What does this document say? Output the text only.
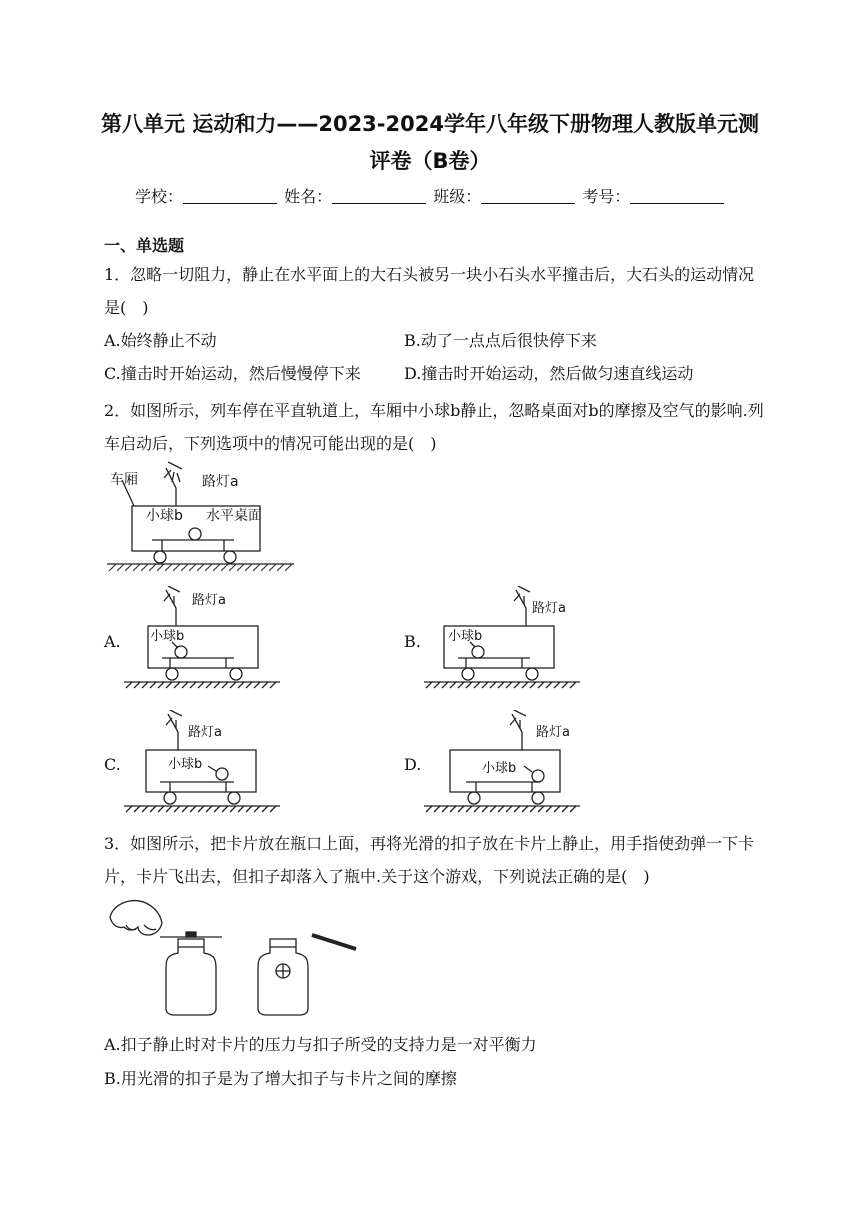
第八单元 运动和力——2023-2024学年八年级下册物理人教版单元测
评卷（B卷）
学校：	姓名：	班级：	考号：
一、单选题
1．忽略一切阻力，静止在水平面上的大石头被另一块小石头水平撞击后，大石头的运动情况是(　)
A.始终静止不动	B.动了一点点后很快停下来
C.撞击时开始运动，然后慢慢停下来	D.撞击时开始运动，然后做匀速直线运动
2．如图所示，列车停在平直轨道上，车厢中小球b静止，忽略桌面对b的摩擦及空气的影响.列车启动后，下列选项中的情况可能出现的是(　)
车厢	路灯a
小球b 水平桌面
A.
路灯a
小球b	B.
路灯a
小球b
C.
路灯a
小球b	D.
路灯a
小球b
3．如图所示，把卡片放在瓶口上面，再将光滑的扣子放在卡片上静止，用手指使劲弹一下卡片，卡片飞出去，但扣子却落入了瓶中.关于这个游戏，下列说法正确的是(　)
A.扣子静止时对卡片的压力与扣子所受的支持力是一对平衡力
B.用光滑的扣子是为了增大扣子与卡片之间的摩擦
